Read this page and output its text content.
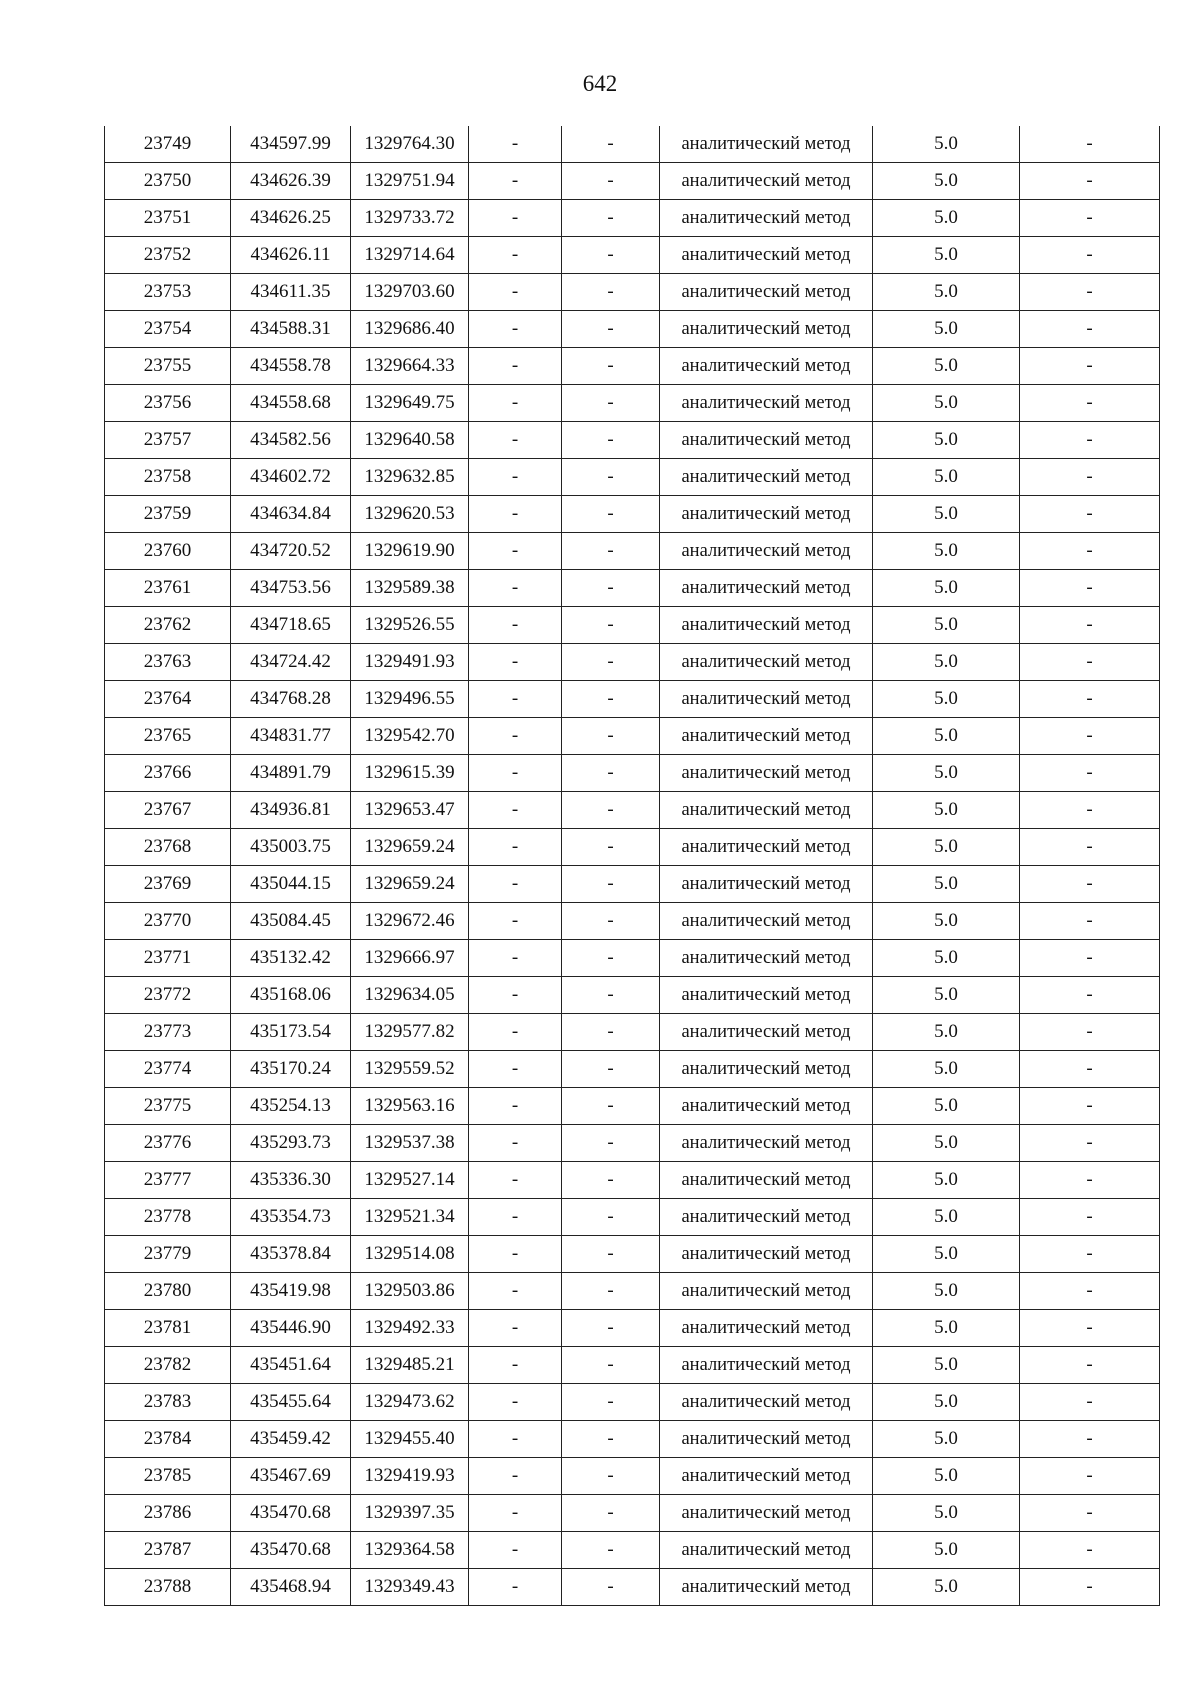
642
23749	434597.99	1329764.30	-	-	аналитический метод	5.0	-
23750	434626.39	1329751.94	-	-	аналитический метод	5.0	-
23751	434626.25	1329733.72	-	-	аналитический метод	5.0	-
23752	434626.11	1329714.64	-	-	аналитический метод	5.0	-
23753	434611.35	1329703.60	-	-	аналитический метод	5.0	-
23754	434588.31	1329686.40	-	-	аналитический метод	5.0	-
23755	434558.78	1329664.33	-	-	аналитический метод	5.0	-
23756	434558.68	1329649.75	-	-	аналитический метод	5.0	-
23757	434582.56	1329640.58	-	-	аналитический метод	5.0	-
23758	434602.72	1329632.85	-	-	аналитический метод	5.0	-
23759	434634.84	1329620.53	-	-	аналитический метод	5.0	-
23760	434720.52	1329619.90	-	-	аналитический метод	5.0	-
23761	434753.56	1329589.38	-	-	аналитический метод	5.0	-
23762	434718.65	1329526.55	-	-	аналитический метод	5.0	-
23763	434724.42	1329491.93	-	-	аналитический метод	5.0	-
23764	434768.28	1329496.55	-	-	аналитический метод	5.0	-
23765	434831.77	1329542.70	-	-	аналитический метод	5.0	-
23766	434891.79	1329615.39	-	-	аналитический метод	5.0	-
23767	434936.81	1329653.47	-	-	аналитический метод	5.0	-
23768	435003.75	1329659.24	-	-	аналитический метод	5.0	-
23769	435044.15	1329659.24	-	-	аналитический метод	5.0	-
23770	435084.45	1329672.46	-	-	аналитический метод	5.0	-
23771	435132.42	1329666.97	-	-	аналитический метод	5.0	-
23772	435168.06	1329634.05	-	-	аналитический метод	5.0	-
23773	435173.54	1329577.82	-	-	аналитический метод	5.0	-
23774	435170.24	1329559.52	-	-	аналитический метод	5.0	-
23775	435254.13	1329563.16	-	-	аналитический метод	5.0	-
23776	435293.73	1329537.38	-	-	аналитический метод	5.0	-
23777	435336.30	1329527.14	-	-	аналитический метод	5.0	-
23778	435354.73	1329521.34	-	-	аналитический метод	5.0	-
23779	435378.84	1329514.08	-	-	аналитический метод	5.0	-
23780	435419.98	1329503.86	-	-	аналитический метод	5.0	-
23781	435446.90	1329492.33	-	-	аналитический метод	5.0	-
23782	435451.64	1329485.21	-	-	аналитический метод	5.0	-
23783	435455.64	1329473.62	-	-	аналитический метод	5.0	-
23784	435459.42	1329455.40	-	-	аналитический метод	5.0	-
23785	435467.69	1329419.93	-	-	аналитический метод	5.0	-
23786	435470.68	1329397.35	-	-	аналитический метод	5.0	-
23787	435470.68	1329364.58	-	-	аналитический метод	5.0	-
23788	435468.94	1329349.43	-	-	аналитический метод	5.0	-
